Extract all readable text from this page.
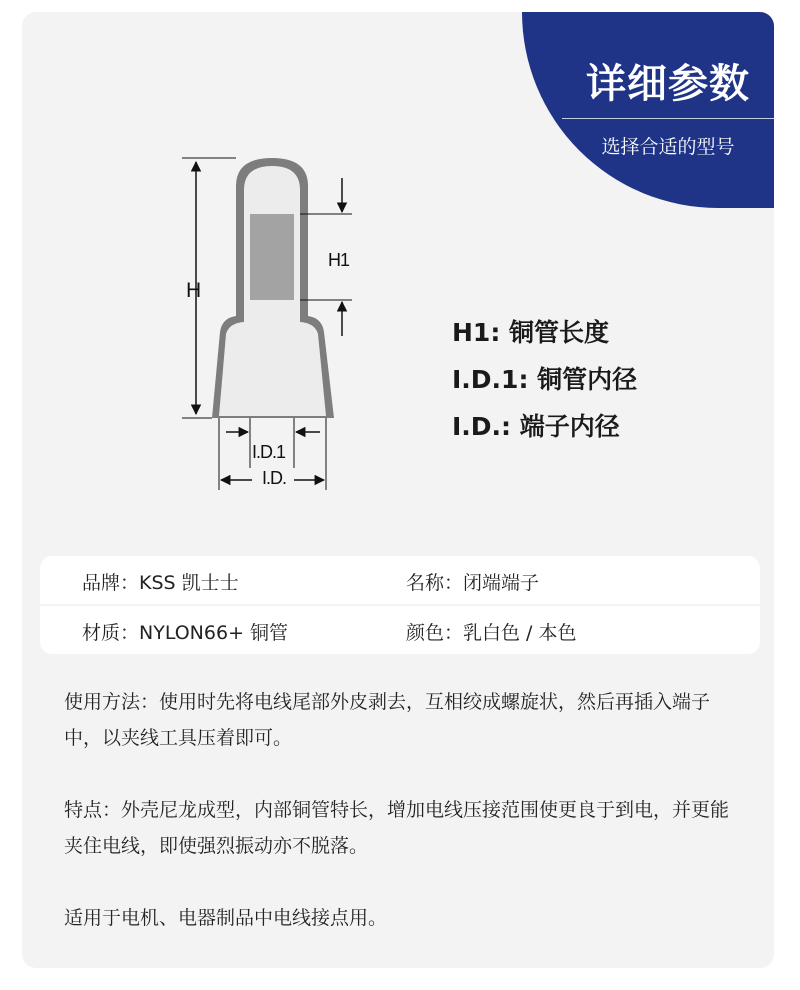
详细参数
选择合适的型号
H
H1
I.D.1
I.D.
H1: 铜管长度
I.D.1: 铜管内径
I.D.: 端子内径
品牌：KSS 凯士士	名称：闭端端子
材质：NYLON66+ 铜管	颜色：乳白色 / 本色
使用方法：使用时先将电线尾部外皮剥去，互相绞成螺旋状，然后再插入端子中，以夹线工具压着即可。
特点：外壳尼龙成型，内部铜管特长，增加电线压接范围使更良于到电，并更能夹住电线，即使强烈振动亦不脱落。
适用于电机、电器制品中电线接点用。
